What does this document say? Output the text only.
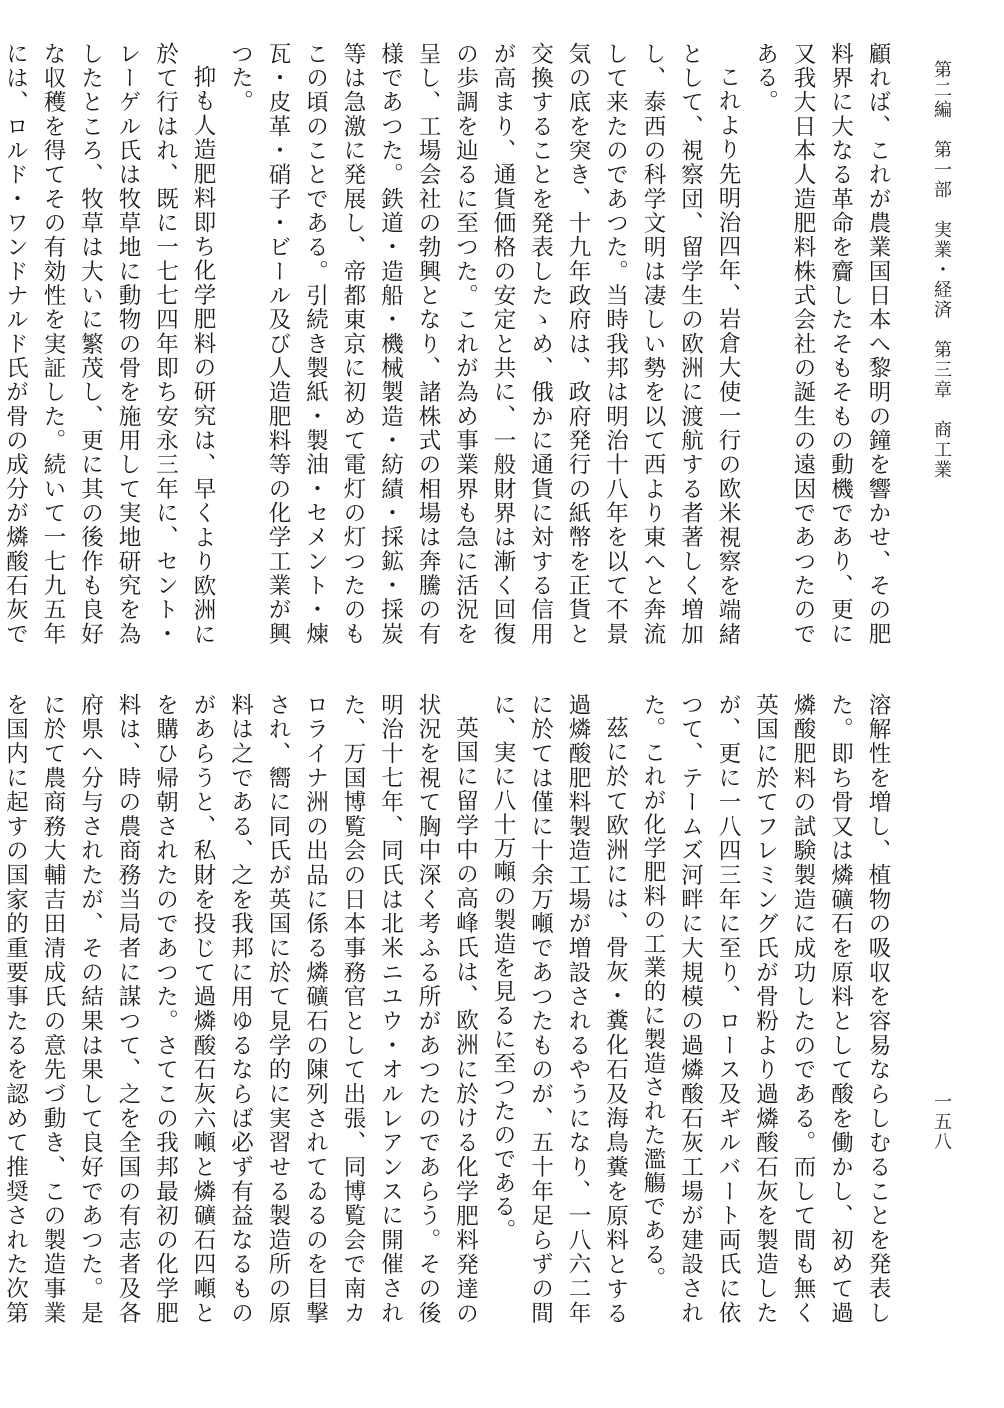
第二編　第一部　実業・経済　第三章　商工業
一五八

顧れば、これが農業国日本へ黎明の鐘を響かせ、その肥料界に大なる革命を齎したそもそもの動機であり、更に又我大日本人造肥料株式会社の誕生の遠因であつたのである。

これより先明治四年、岩倉大使一行の欧米視察を端緒として、視察団、留学生の欧洲に渡航する者著しく増加し、泰西の科学文明は凄しい勢を以て西より東へと奔流して来たのであつた。当時我邦は明治十八年を以て不景気の底を突き、十九年政府は、政府発行の紙幣を正貨と交換することを発表したゝめ、俄かに通貨に対する信用が高まり、通貨価格の安定と共に、一般財界は漸く回復の歩調を辿るに至つた。これが為め事業界も急に活況を呈し、工場会社の勃興となり、諸株式の相場は奔騰の有様であつた。鉄道・造船・機械製造・紡績・採鉱・採炭等は急激に発展し、帝都東京に初めて電灯の灯つたのもこの頃のことである。引続き製紙・製油・セメント・煉瓦・皮革・硝子・ビール及び人造肥料等の化学工業が興つた。

抑も人造肥料即ち化学肥料の研究は、早くより欧洲に於て行はれ、既に一七七四年即ち安永三年に、セント・レーゲル氏は牧草地に動物の骨を施用して実地研究を為したところ、牧草は大いに繁茂し、更に其の後作も良好な収穫を得てその有効性を実証した。続いて一七九五年には、ロルド・ワンドナルド氏が骨の成分が燐酸石灰で

溶解性を増し、植物の吸収を容易ならしむることを発表した。即ち骨又は燐礦石を原料として酸を働かし、初めて過燐酸肥料の試験製造に成功したのである。而して間も無く英国に於てフレミング氏が骨粉より過燐酸石灰を製造したが、更に一八四三年に至り、ロース及ギルバート両氏に依つて、テームズ河畔に大規模の過燐酸石灰工場が建設された。これが化学肥料の工業的に製造された濫觴である。

茲に於て欧洲には、骨灰・糞化石及海鳥糞を原料とする過燐酸肥料製造工場が増設されるやうになり、一八六二年に於ては僅に十余万噸であつたものが、五十年足らずの間に、実に八十万噸の製造を見るに至つたのである。

英国に留学中の高峰氏は、欧洲に於ける化学肥料発達の状況を視て胸中深く考ふる所があつたのであらう。その後明治十七年、同氏は北米ニユウ・オルレアンスに開催された、万国博覧会の日本事務官として出張、同博覧会で南カロライナ洲の出品に係る燐礦石の陳列されてゐるのを目撃され、嚮に同氏が英国に於て見学的に実習せる製造所の原料は之である、之を我邦に用ゆるならば必ず有益なるものがあらうと、私財を投じて過燐酸石灰六噸と燐礦石四噸とを購ひ帰朝されたのであつた。さてこの我邦最初の化学肥料は、時の農商務当局者に謀つて、之を全国の有志者及各府県へ分与されたが、その結果は果して良好であつた。是に於て農商務大輔吉田清成氏の意先づ動き、この製造事業を国内に起すの国家的重要事たるを認めて推奨された次第
